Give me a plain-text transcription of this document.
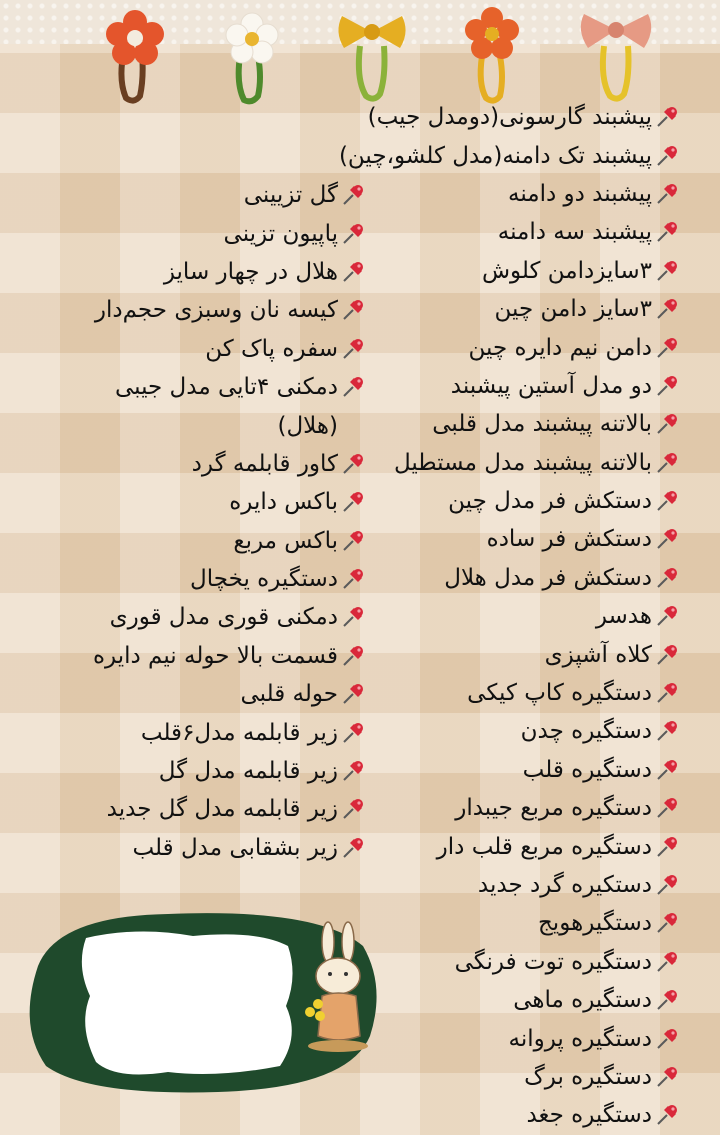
پیشبند گارسونی(دومدل جیب)
پیشبند تک دامنه(مدل کلشو،چین)
پیشبند دو دامنه
پیشبند سه دامنه
۳سایزدامن کلوش
۳سایز دامن چین
دامن نیم دایره چین
دو مدل آستین پیشبند
بالاتنه پیشبند مدل قلبی
بالاتنه پیشبند مدل مستطیل
دستکش فر مدل چین
دستکش فر ساده
دستکش فر مدل هلال
هدسر
کلاه آشپزی
دستگیره کاپ کیکی
دستگیره چدن
دستگیره قلب
دستگیره مربع جیبدار
دستگیره مربع قلب دار
دستکیره گرد جدید
دستگیرهویج
دستگیره توت فرنگی
دستگیره ماهی
دستگیره پروانه
دستگیره برگ
دستگیره جغد
گل تزیینی
پاپیون تزینی
هلال در چهار سایز
کیسه نان وسبزی حجم‌دار
سفره پاک کن
دمکنی ۴تایی مدل جیبی
(هلال)
کاور قابلمه گرد
باکس دایره
باکس مربع
دستگیره یخچال
دمکنی قوری مدل قوری
قسمت بالا حوله نیم دایره
حوله قلبی
زیر قابلمه مدل۶قلب
زیر قابلمه مدل گل
زیر قابلمه مدل گل جدید
زیر بشقابی مدل قلب
